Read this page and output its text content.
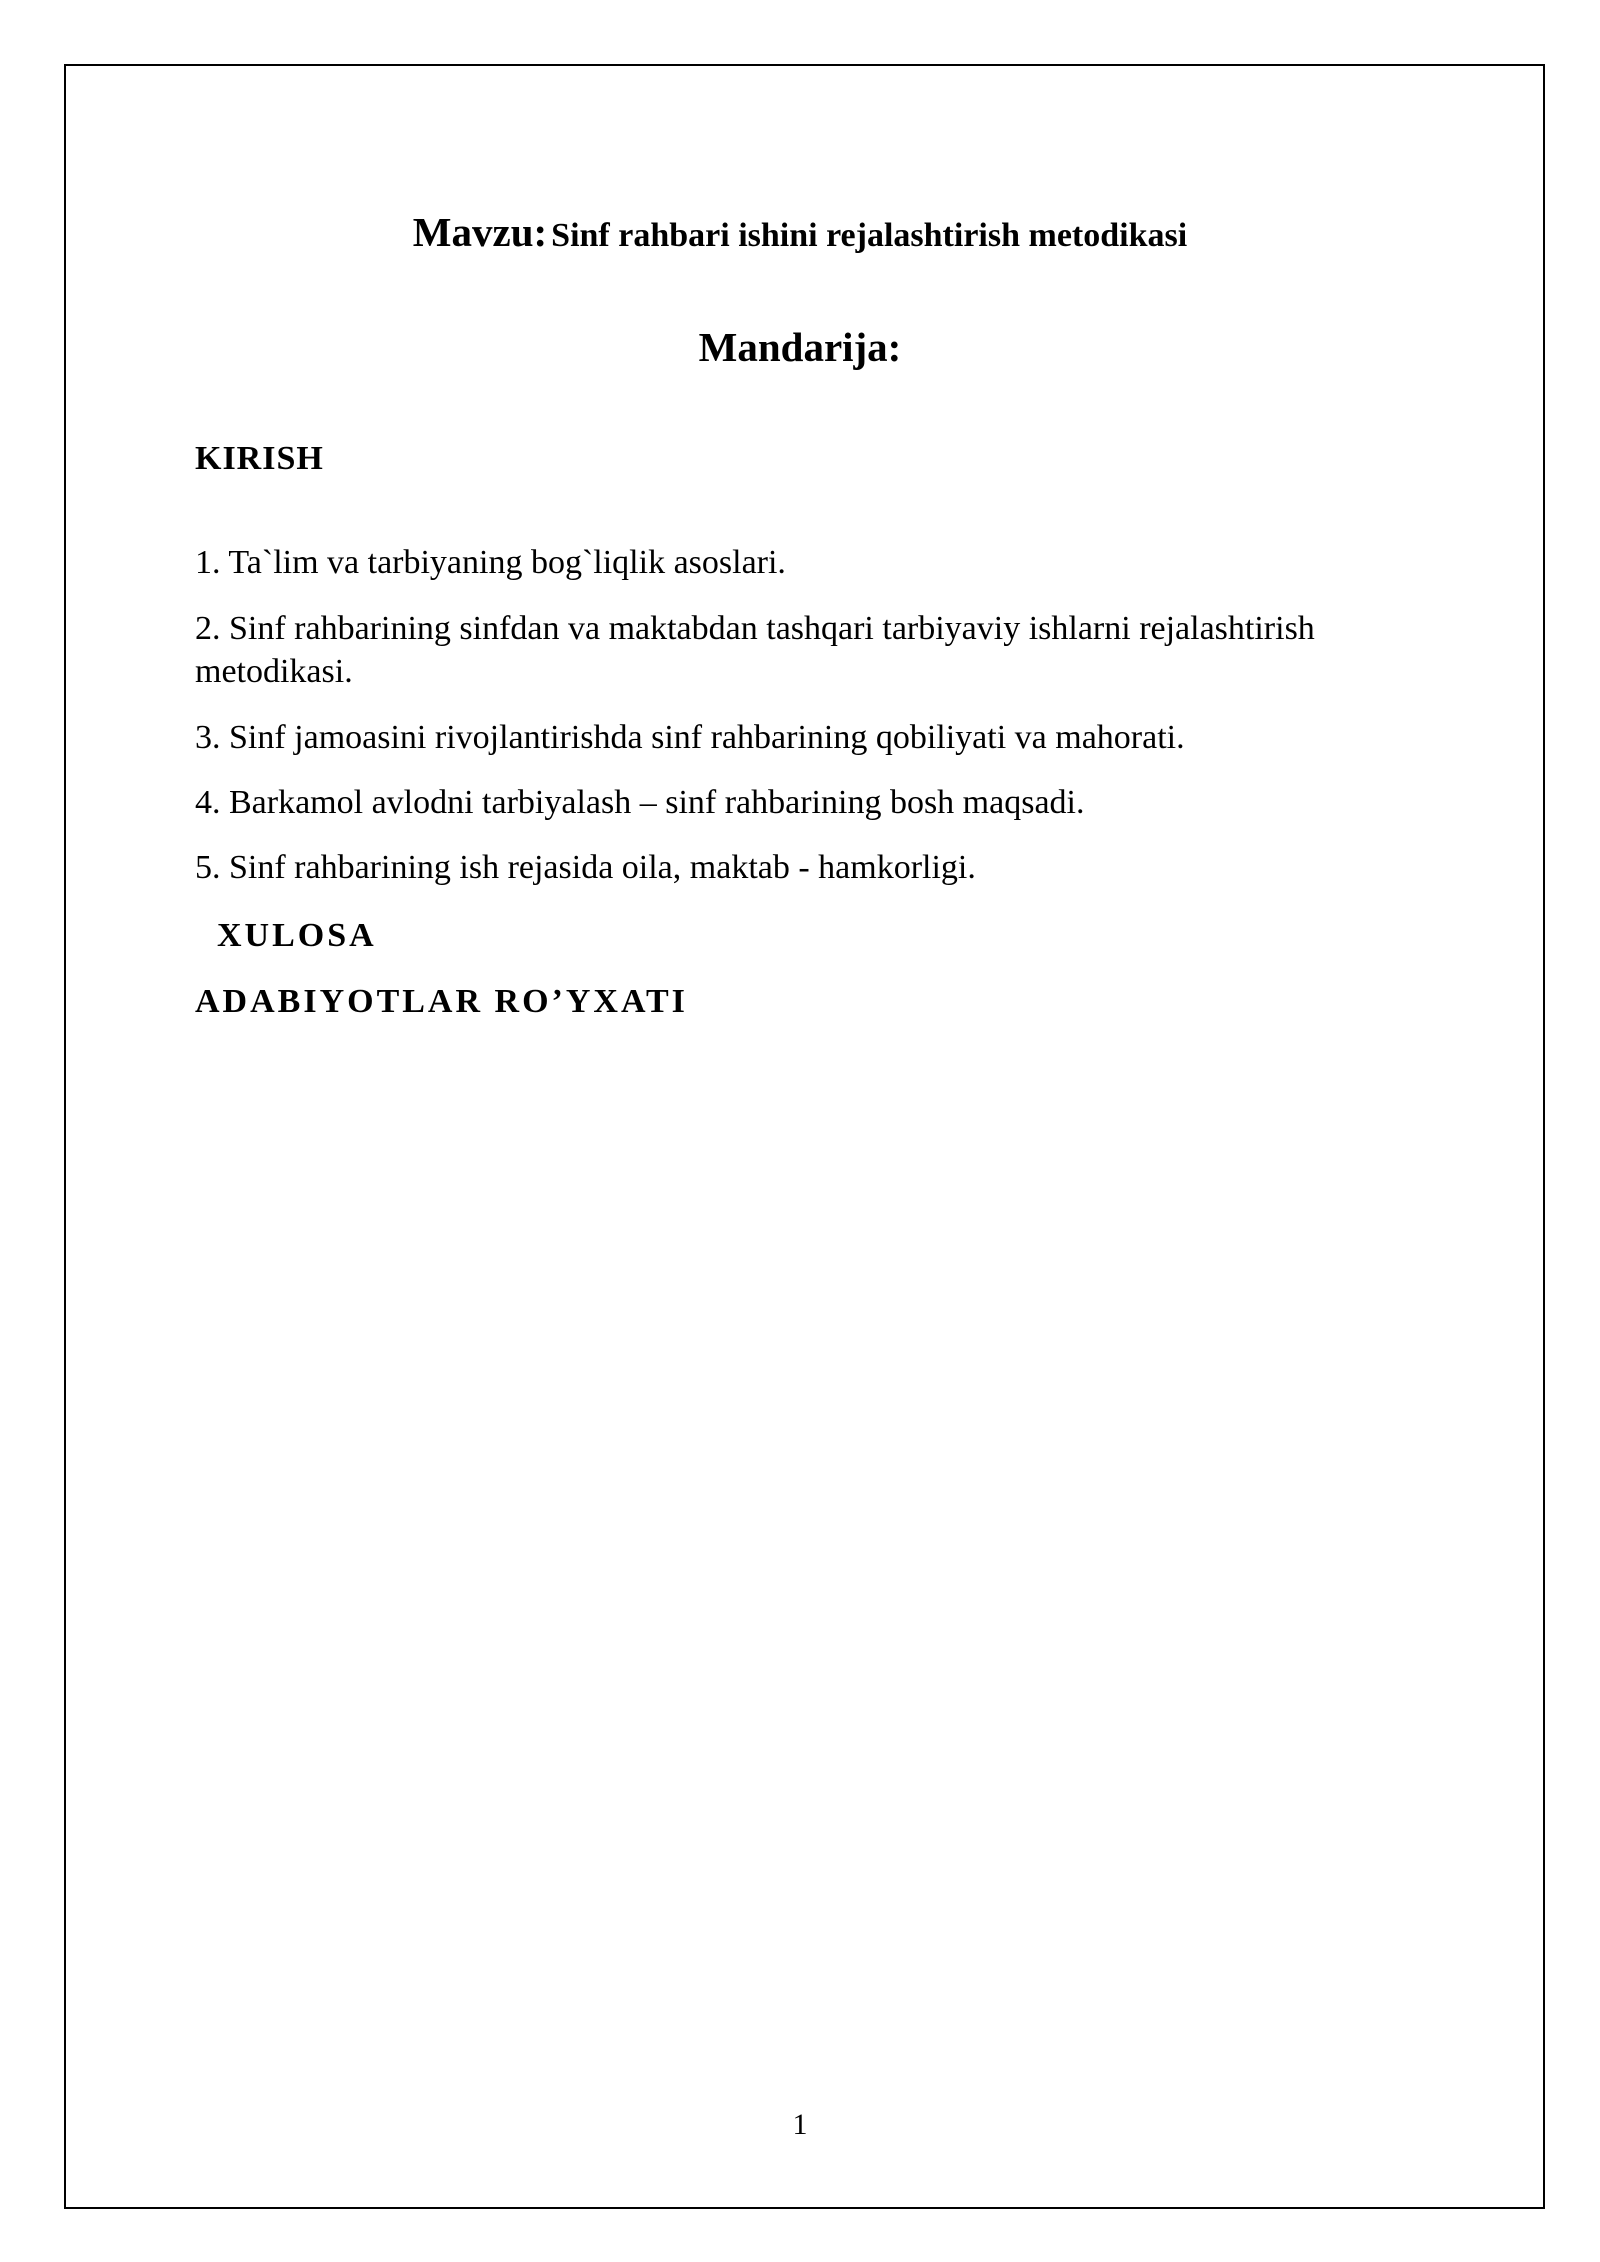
Mavzu: Sinf rahbari ishini rejalashtirish metodikasi
Mandarija:
KIRISH
1. Ta`lim va tarbiyaning bog`liqlik asoslari.
2. Sinf rahbarining sinfdan va maktabdan tashqari tarbiyaviy ishlarni rejalashtirish metodikasi.
3. Sinf jamoasini rivojlantirishda sinf rahbarining qobiliyati va mahorati.
4. Barkamol avlodni tarbiyalash – sinf rahbarining bosh maqsadi.
5. Sinf rahbarining ish rejasida oila, maktab - hamkorligi.
XULOSA
ADABIYOTLAR RO’YXATI
1
